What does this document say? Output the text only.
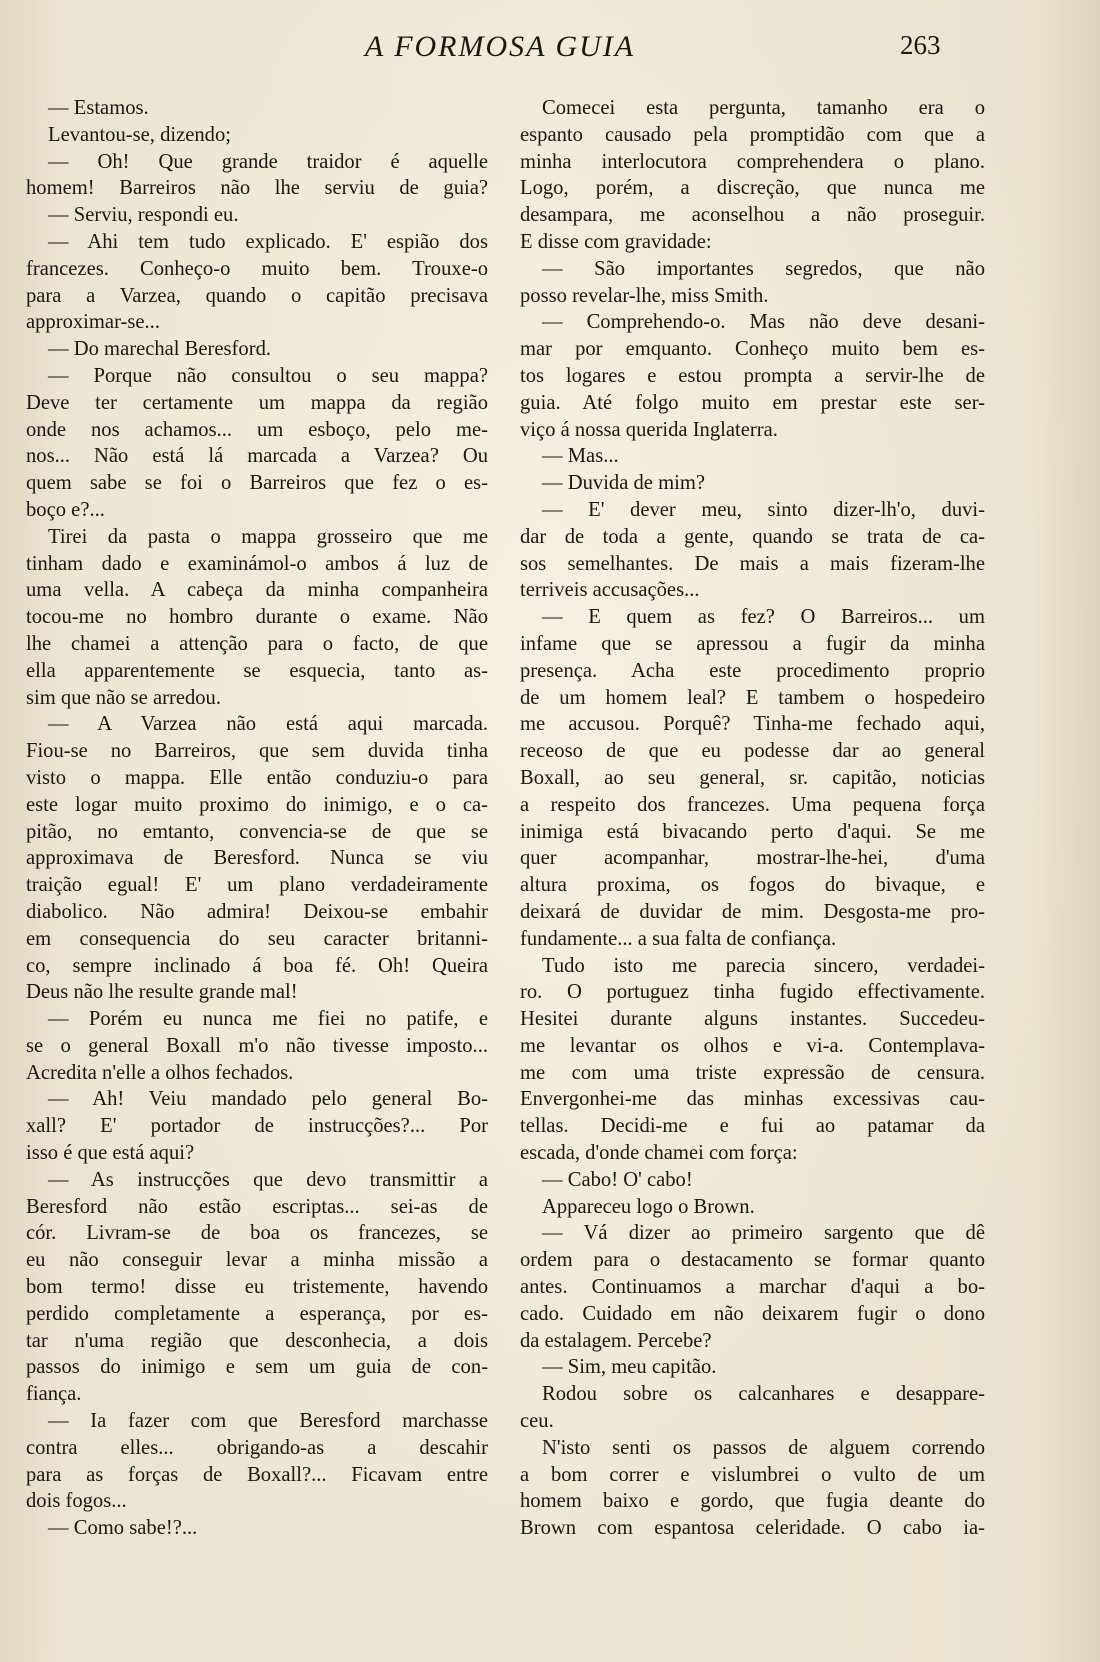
A FORMOSA GUIA	263
— Estamos.
Levantou-se, dizendo;
— Oh! Que grande traidor é aquelle
homem! Barreiros não lhe serviu de guia?
— Serviu, respondi eu.
— Ahi tem tudo explicado. E' espião dos
francezes. Conheço-o muito bem. Trouxe-o
para a Varzea, quando o capitão precisava
approximar-se...
— Do marechal Beresford.
— Porque não consultou o seu mappa?
Deve ter certamente um mappa da região
onde nos achamos... um esboço, pelo me-
nos... Não está lá marcada a Varzea? Ou
quem sabe se foi o Barreiros que fez o es-
boço e?...
Tirei da pasta o mappa grosseiro que me
tinham dado e examinámol-o ambos á luz de
uma vella. A cabeça da minha companheira
tocou-me no hombro durante o exame. Não
lhe chamei a attenção para o facto, de que
ella apparentemente se esquecia, tanto as-
sim que não se arredou.
— A Varzea não está aqui marcada.
Fiou-se no Barreiros, que sem duvida tinha
visto o mappa. Elle então conduziu-o para
este logar muito proximo do inimigo, e o ca-
pitão, no emtanto, convencia-se de que se
approximava de Beresford. Nunca se viu
traição egual! E' um plano verdadeiramente
diabolico. Não admira! Deixou-se embahir
em consequencia do seu caracter britanni-
co, sempre inclinado á boa fé. Oh! Queira
Deus não lhe resulte grande mal!
— Porém eu nunca me fiei no patife, e
se o general Boxall m'o não tivesse imposto...
Acredita n'elle a olhos fechados.
— Ah! Veiu mandado pelo general Bo-
xall? E' portador de instrucções?... Por
isso é que está aqui?
— As instrucções que devo transmittir a
Beresford não estão escriptas... sei-as de
cór. Livram-se de boa os francezes, se
eu não conseguir levar a minha missão a
bom termo! disse eu tristemente, havendo
perdido completamente a esperança, por es-
tar n'uma região que desconhecia, a dois
passos do inimigo e sem um guia de con-
fiança.
— Ia fazer com que Beresford marchasse
contra elles... obrigando-as a descahir
para as forças de Boxall?... Ficavam entre
dois fogos...
— Como sabe!?...
Comecei esta pergunta, tamanho era o
espanto causado pela promptidão com que a
minha interlocutora comprehendera o plano.
Logo, porém, a discreção, que nunca me
desampara, me aconselhou a não proseguir.
E disse com gravidade:
— São importantes segredos, que não
posso revelar-lhe, miss Smith.
— Comprehendo-o. Mas não deve desani-
mar por emquanto. Conheço muito bem es-
tos logares e estou prompta a servir-lhe de
guia. Até folgo muito em prestar este ser-
viço á nossa querida Inglaterra.
— Mas...
— Duvida de mim?
— E' dever meu, sinto dizer-lh'o, duvi-
dar de toda a gente, quando se trata de ca-
sos semelhantes. De mais a mais fizeram-lhe
terriveis accusações...
— E quem as fez? O Barreiros... um
infame que se apressou a fugir da minha
presença. Acha este procedimento proprio
de um homem leal? E tambem o hospedeiro
me accusou. Porquê? Tinha-me fechado aqui,
receoso de que eu podesse dar ao general
Boxall, ao seu general, sr. capitão, noticias
a respeito dos francezes. Uma pequena força
inimiga está bivacando perto d'aqui. Se me
quer acompanhar, mostrar-lhe-hei, d'uma
altura proxima, os fogos do bivaque, e
deixará de duvidar de mim. Desgosta-me pro-
fundamente... a sua falta de confiança.
Tudo isto me parecia sincero, verdadei-
ro. O portuguez tinha fugido effectivamente.
Hesitei durante alguns instantes. Succedeu-
me levantar os olhos e vi-a. Contemplava-
me com uma triste expressão de censura.
Envergonhei-me das minhas excessivas cau-
tellas. Decidi-me e fui ao patamar da
escada, d'onde chamei com força:
— Cabo! O' cabo!
Appareceu logo o Brown.
— Vá dizer ao primeiro sargento que dê
ordem para o destacamento se formar quanto
antes. Continuamos a marchar d'aqui a bo-
cado. Cuidado em não deixarem fugir o dono
da estalagem. Percebe?
— Sim, meu capitão.
Rodou sobre os calcanhares e desappare-
ceu.
N'isto senti os passos de alguem correndo
a bom correr e vislumbrei o vulto de um
homem baixo e gordo, que fugia deante do
Brown com espantosa celeridade. O cabo ia-
